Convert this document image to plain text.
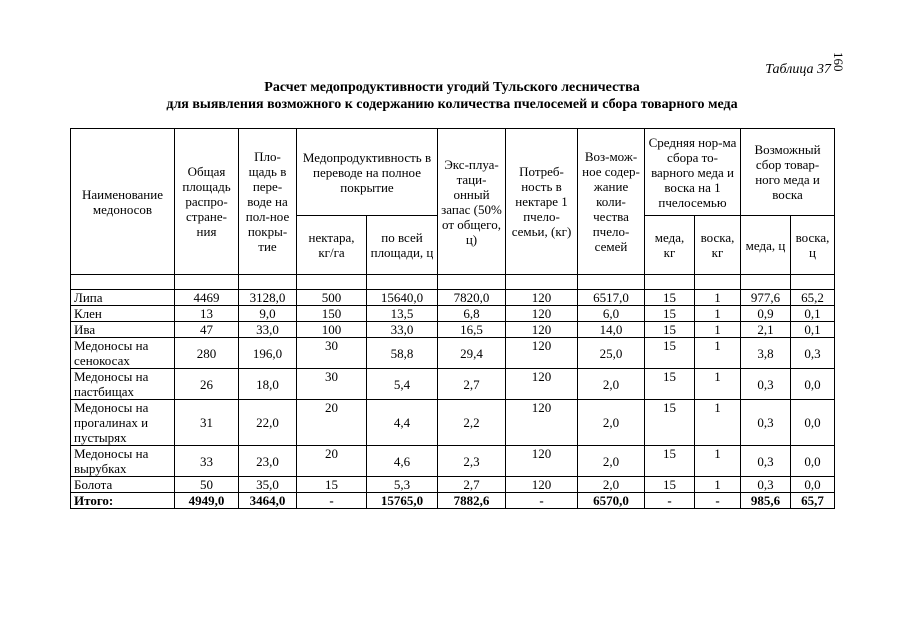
160
Таблица 37
Расчет медопродуктивности угодий Тульского лесничества
для выявления возможного к содержанию количества пчелосемей и сбора товарного меда
Наименование медоносов	Общая площадь распро-стране-ния	Пло-щадь в пере-воде на пол-ное покры-тие	Медопродуктивность в переводе на полное покрытие		Экс-плуа-таци-онный запас (50% от общего, ц)	Потреб-ность в нектаре 1 пчело-семьи, (кг)	Воз-мож-ное содер-жание коли-чества пчело-семей	Средняя нор-ма сбора то-варного меда и воска на 1 пчелосемью		Возможный сбор товар-ного меда и воска	
			нектара, кг/га	по всей площади, ц				меда, кг	воска, кг	меда, ц	воска, ц

Липа	4469	3128,0	500	15640,0	7820,0	120	6517,0	15	1	977,6	65,2
Клен	13	9,0	150	13,5	6,8	120	6,0	15	1	0,9	0,1
Ива	47	33,0	100	33,0	16,5	120	14,0	15	1	2,1	0,1
Медоносы на сенокосах	280	196,0	30	58,8	29,4	120	25,0	15	1	3,8	0,3
Медоносы на пастбищах	26	18,0	30	5,4	2,7	120	2,0	15	1	0,3	0,0
Медоносы на прогалинах и пустырях	31	22,0	20	4,4	2,2	120	2,0	15	1	0,3	0,0
Медоносы на вырубках	33	23,0	20	4,6	2,3	120	2,0	15	1	0,3	0,0
Болота	50	35,0	15	5,3	2,7	120	2,0	15	1	0,3	0,0
Итого:	4949,0	3464,0	-	15765,0	7882,6	-	6570,0	-	-	985,6	65,7
